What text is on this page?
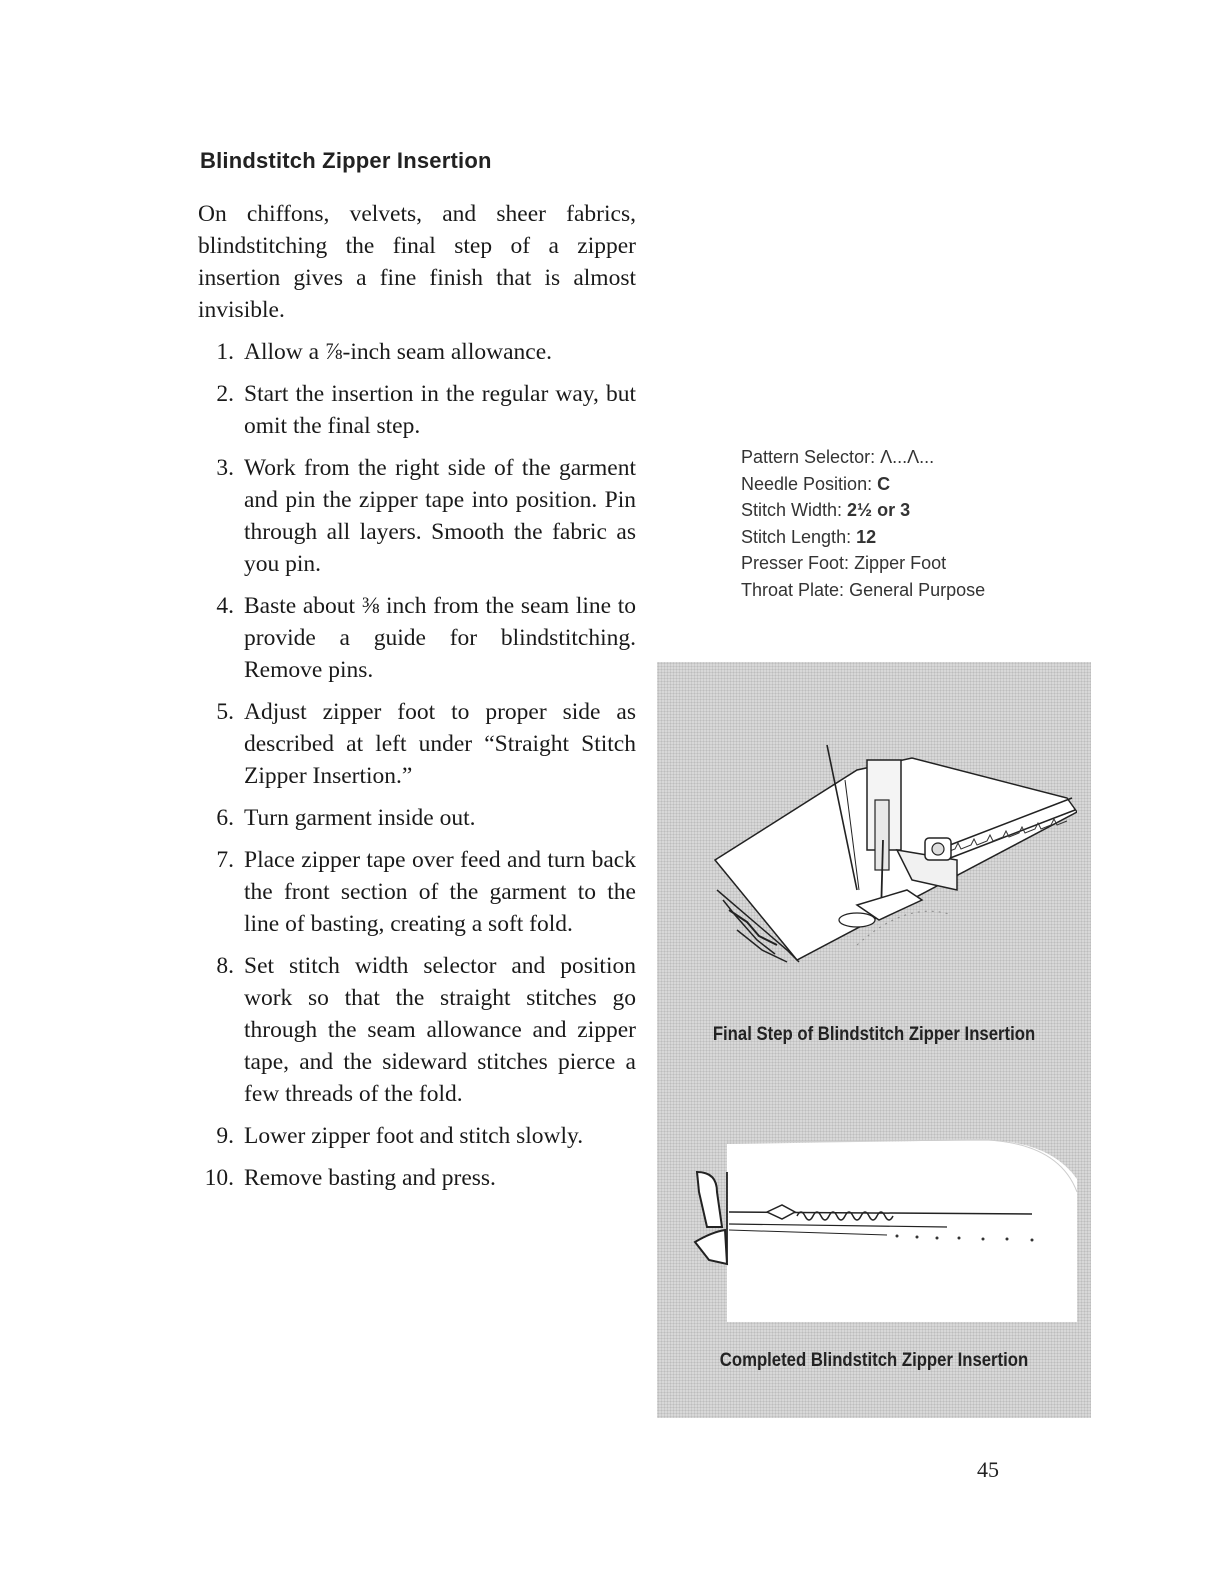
Blindstitch Zipper Insertion

On chiffons, velvets, and sheer fabrics, blindstitching the final step of a zipper insertion gives a fine finish that is almost invisible.

1. Allow a ⅞-inch seam allowance.
2. Start the insertion in the regular way, but omit the final step.
3. Work from the right side of the garment and pin the zipper tape into position. Pin through all layers. Smooth the fabric as you pin.
4. Baste about ⅜ inch from the seam line to provide a guide for blindstitching. Remove pins.
5. Adjust zipper foot to proper side as described at left under “Straight Stitch Zipper Insertion.”
6. Turn garment inside out.
7. Place zipper tape over feed and turn back the front section of the garment to the line of basting, creating a soft fold.
8. Set stitch width selector and position work so that the straight stitches go through the seam allowance and zipper tape, and the sideward stitches pierce a few threads of the fold.
9. Lower zipper foot and stitch slowly.
10. Remove basting and press.
Pattern Selector: Λ...Λ...
Needle Position: C
Stitch Width: 2½ or 3
Stitch Length: 12
Presser Foot: Zipper Foot
Throat Plate: General Purpose
Final Step of Blindstitch Zipper Insertion
Completed Blindstitch Zipper Insertion
45
